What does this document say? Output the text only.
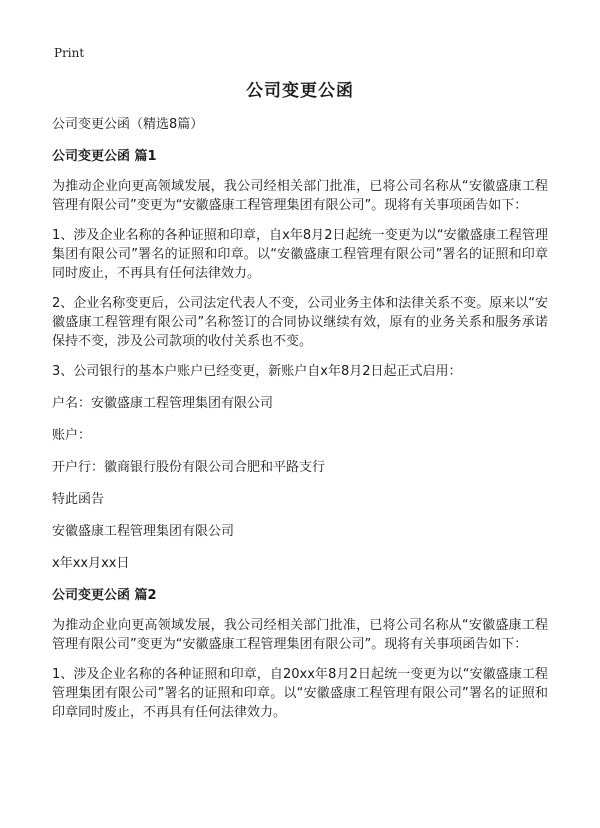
Print
公司变更公函

公司变更公函（精选8篇）

公司变更公函 篇1

为推动企业向更高领域发展，我公司经相关部门批准，已将公司名称从“安徽盛康工程管理有限公司”变更为“安徽盛康工程管理集团有限公司”。现将有关事项函告如下：

1、涉及企业名称的各种证照和印章，自x年8月2日起统一变更为以“安徽盛康工程管理集团有限公司”署名的证照和印章。以“安徽盛康工程管理有限公司”署名的证照和印章同时废止，不再具有任何法律效力。

2、企业名称变更后，公司法定代表人不变，公司业务主体和法律关系不变。原来以“安徽盛康工程管理有限公司”名称签订的合同协议继续有效，原有的业务关系和服务承诺保持不变，涉及公司款项的收付关系也不变。

3、公司银行的基本户账户已经变更，新账户自x年8月2日起正式启用：

户名：安徽盛康工程管理集团有限公司

账户：

开户行：徽商银行股份有限公司合肥和平路支行

特此函告

安徽盛康工程管理集团有限公司

x年xx月xx日

公司变更公函 篇2

为推动企业向更高领域发展，我公司经相关部门批准，已将公司名称从“安徽盛康工程管理有限公司”变更为“安徽盛康工程管理集团有限公司”。现将有关事项函告如下：

1、涉及企业名称的各种证照和印章，自20xx年8月2日起统一变更为以“安徽盛康工程管理集团有限公司”署名的证照和印章。以“安徽盛康工程管理有限公司”署名的证照和印章同时废止，不再具有任何法律效力。
